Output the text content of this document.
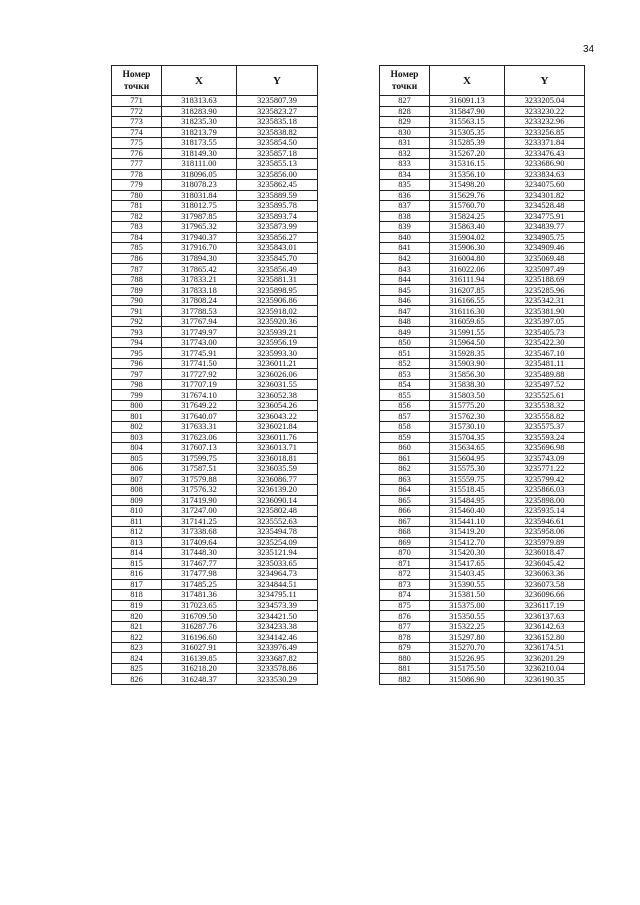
34
Номер
точки	X	Y
771	318313.63	3235807.39
772	318283.90	3235823.27
773	318235.30	3235835.18
774	318213.79	3235838.82
775	318173.55	3235854.50
776	318149.30	3235857.18
777	318111.00	3235855.13
778	318096.05	3235856.00
779	318078.23	3235862.45
780	318031.84	3235889.59
781	318012.75	3235895.78
782	317987.85	3235893.74
783	317965.32	3235873.99
784	317940.37	3235856.27
785	317916.70	3235843.01
786	317894.30	3235845.70
787	317865.42	3235856.49
788	317833.21	3235881.31
789	317833.18	3235898.95
790	317808.24	3235906.86
791	317788.53	3235918.02
792	317767.94	3235920.36
793	317749.97	3235939.21
794	317743.00	3235956.19
795	317745.91	3235993.30
796	317741.50	3236011.21
797	317727.92	3236026.06
798	317707.19	3236031.55
799	317674.10	3236052.38
800	317649.22	3236054.26
801	317640.07	3236043.22
802	317633.31	3236021.84
803	317623.06	3236011.76
804	317607.13	3236013.71
805	317599.75	3236018.81
806	317587.51	3236035.59
807	317579.88	3236086.77
808	317576.32	3236139.20
809	317419.90	3236090.14
810	317247.00	3235802.48
811	317141.25	3235552.63
812	317338.68	3235494.78
813	317409.64	3235254.09
814	317448.30	3235121.94
815	317467.77	3235033.65
816	317477.98	3234964.73
817	317485.25	3234844.51
818	317481.36	3234795.11
819	317023.65	3234573.39
820	316709.50	3234421.50
821	316287.76	3234233.38
822	316196.60	3234142.46
823	316027.91	3233976.49
824	316139.85	3233687.82
825	316218.20	3233578.86
826	316248.37	3233530.29
Номер
точки	X	Y
827	316091.13	3233205.04
828	315847.90	3233230.22
829	315563.15	3233232.96
830	315305.35	3233256.85
831	315285.39	3233371.84
832	315267.20	3233476.43
833	315316.15	3233686.90
834	315356.10	3233834.63
835	315498.20	3234075.60
836	315629.76	3234301.82
837	315760.70	3234528.48
838	315824.25	3234775.91
839	315863.40	3234839.77
840	315904.02	3234905.75
841	315906.30	3234909.46
842	316004.80	3235069.48
843	316022.06	3235097.49
844	316111.94	3235188.69
845	316207.85	3235285.96
846	316166.55	3235342.31
847	316116.30	3235381.90
848	316059.65	3235397.05
849	315991.55	3235405.73
850	315964.50	3235422.30
851	315928.35	3235467.10
852	315903.90	3235481.11
853	315856.30	3235489.88
854	315838.30	3235497.52
855	315803.50	3235525.61
856	315775.20	3235538.32
857	315762.30	3235558.82
858	315730.10	3235575.37
859	315704.35	3235593.24
860	315634.65	3235696.98
861	315604.95	3235743.09
862	315575.30	3235771.22
863	315559.75	3235799.42
864	315518.45	3235866.03
865	315484.95	3235898.00
866	315460.40	3235935.14
867	315441.10	3235946.61
868	315419.20	3235958.06
869	315412.70	3235979.89
870	315420.30	3236018.47
871	315417.65	3236045.42
872	315403.45	3236063.36
873	315390.55	3236073.58
874	315381.50	3236096.66
875	315375.00	3236117.19
876	315350.55	3236137.63
877	315322.25	3236142.63
878	315297.80	3236152.80
879	315270.70	3236174.51
880	315226.95	3236201.29
881	315175.50	3236210.04
882	315086.90	3236190.35
